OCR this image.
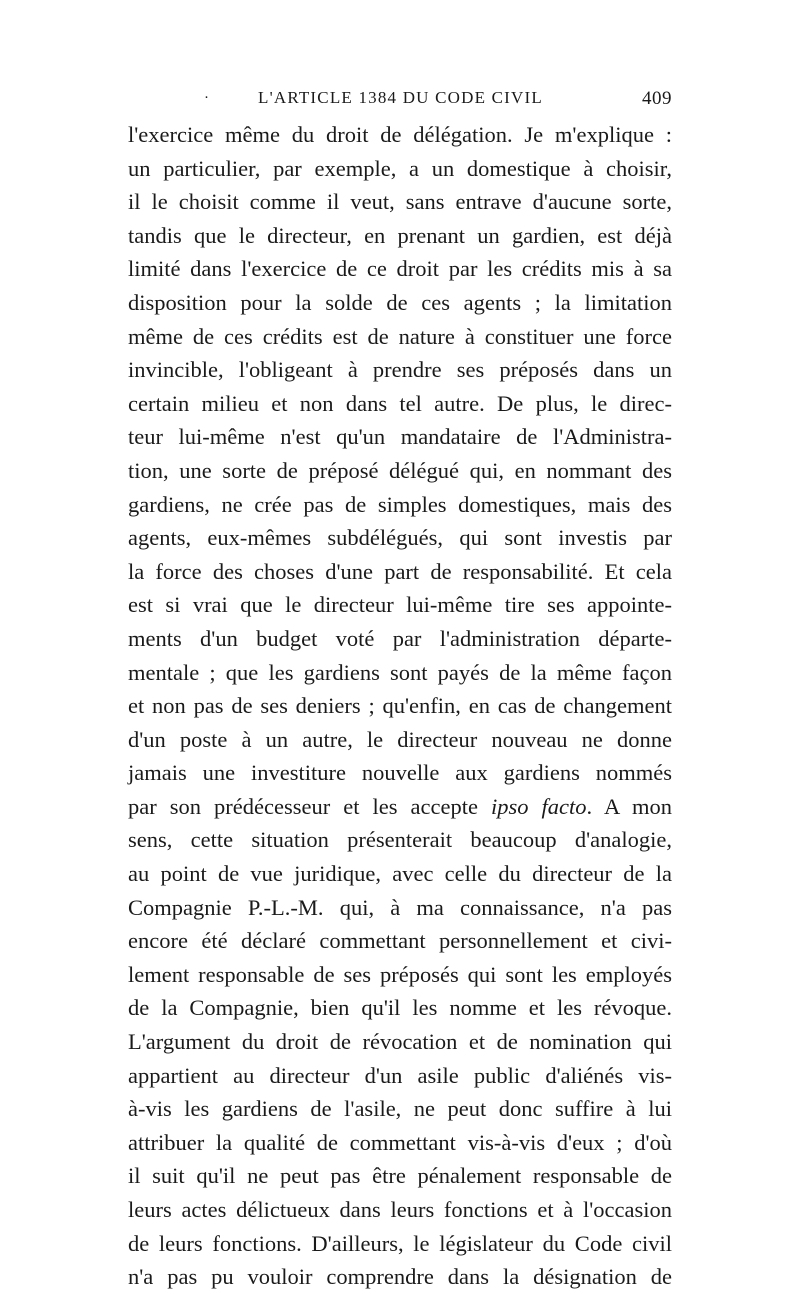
·	L'ARTICLE 1384 DU CODE CIVIL	409
l'exercice même du droit de délégation. Je m'explique :
un particulier, par exemple, a un domestique à choisir,
il le choisit comme il veut, sans entrave d'aucune sorte,
tandis que le directeur, en prenant un gardien, est déjà
limité dans l'exercice de ce droit par les crédits mis à sa
disposition pour la solde de ces agents ; la limitation
même de ces crédits est de nature à constituer une force
invincible, l'obligeant à prendre ses préposés dans un
certain milieu et non dans tel autre. De plus, le direc-
teur lui-même n'est qu'un mandataire de l'Administra-
tion, une sorte de préposé délégué qui, en nommant des
gardiens, ne crée pas de simples domestiques, mais des
agents, eux-mêmes subdélégués, qui sont investis par
la force des choses d'une part de responsabilité. Et cela
est si vrai que le directeur lui-même tire ses appointe-
ments d'un budget voté par l'administration départe-
mentale ; que les gardiens sont payés de la même façon
et non pas de ses deniers ; qu'enfin, en cas de changement
d'un poste à un autre, le directeur nouveau ne donne
jamais une investiture nouvelle aux gardiens nommés
par son prédécesseur et les accepte ipso facto. A mon
sens, cette situation présenterait beaucoup d'analogie,
au point de vue juridique, avec celle du directeur de la
Compagnie P.-L.-M. qui, à ma connaissance, n'a pas
encore été déclaré commettant personnellement et civi-
lement responsable de ses préposés qui sont les employés
de la Compagnie, bien qu'il les nomme et les révoque.
L'argument du droit de révocation et de nomination qui
appartient au directeur d'un asile public d'aliénés vis-
à-vis les gardiens de l'asile, ne peut donc suffire à lui
attribuer la qualité de commettant vis-à-vis d'eux ; d'où
il suit qu'il ne peut pas être pénalement responsable de
leurs actes délictueux dans leurs fonctions et à l'occasion
de leurs fonctions. D'ailleurs, le législateur du Code civil
n'a pas pu vouloir comprendre dans la désignation de
